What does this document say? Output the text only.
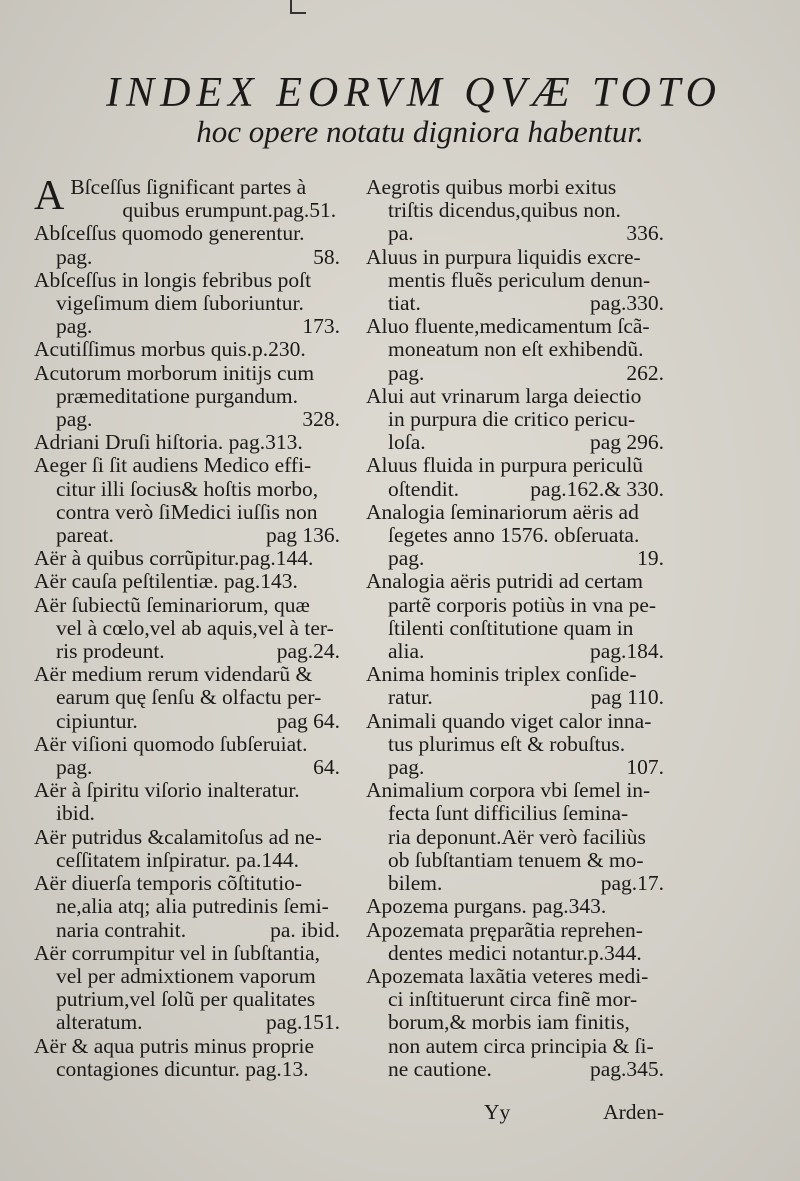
INDEX EORVM QVÆ TOTO
hoc opere notatu digniora habentur.
A Bſceſſus ſignificant partes à
quibus erumpunt.pag.51.
Abſceſſus quomodo generentur.
pag.	58.
Abſceſſus in longis febribus poſt
vigeſimum diem ſuboriuntur.
pag.	173.
Acutiſſimus morbus quis.p.230.
Acutorum morborum initijs cum
præmeditatione purgandum.
pag.	328.
Adriani Druſi hiſtoria. pag.313.
Aeger ſi ſit audiens Medico effi-
citur illi ſocius& hoſtis morbo,
contra verò ſiMedici iuſſis non
pareat.	pag 136.
Aër à quibus corrũpitur.pag.144.
Aër cauſa peſtilentiæ. pag.143.
Aër ſubiectũ ſeminariorum, quæ
vel à cœlo,vel ab aquis,vel à ter-
ris prodeunt.	pag.24.
Aër medium rerum videndarũ &
earum quę ſenſu & olfactu per-
cipiuntur.	pag 64.
Aër viſioni quomodo ſubſeruiat.
pag.	64.
Aër à ſpiritu viſorio inalteratur.
ibid.
Aër putridus &calamitoſus ad ne-
ceſſitatem inſpiratur. pa.144.
Aër diuerſa temporis cõſtitutio-
ne,alia atq; alia putredinis ſemi-
naria contrahit.	pa. ibid.
Aër corrumpitur vel in ſubſtantia,
vel per admixtionem vaporum
putrium,vel ſolũ per qualitates
alteratum.	pag.151.
Aër & aqua putris minus proprie
contagiones dicuntur. pag.13.
Aegrotis quibus morbi exitus
triſtis dicendus,quibus non.
pa.	336.
Aluus in purpura liquidis excre-
mentis fluẽs periculum denun-
tiat.	pag.330.
Aluo fluente,medicamentum ſcã-
moneatum non eſt exhibendũ.
pag.	262.
Alui aut vrinarum larga deiectio
in purpura die critico pericu-
loſa.	pag 296.
Aluus fluida in purpura periculũ
oſtendit.	pag.162.& 330.
Analogia ſeminariorum aëris ad
ſegetes anno 1576. obſeruata.
pag.	19.
Analogia aëris putridi ad certam
partẽ corporis potiùs in vna pe-
ſtilenti conſtitutione quam in
alia.	pag.184.
Anima hominis triplex conſide-
ratur.	pag 110.
Animali quando viget calor inna-
tus plurimus eſt & robuſtus.
pag.	107.
Animalium corpora vbi ſemel in-
fecta ſunt difficilius ſemina-
ria deponunt.Aër verò faciliùs
ob ſubſtantiam tenuem & mo-
bilem.	pag.17.
Apozema purgans. pag.343.
Apozemata pręparãtia reprehen-
dentes medici notantur.p.344.
Apozemata laxãtia veteres medi-
ci inſtituerunt circa finẽ mor-
borum,& morbis iam finitis,
non autem circa principia & ſi-
ne cautione.	pag.345.
Yy	Arden-
